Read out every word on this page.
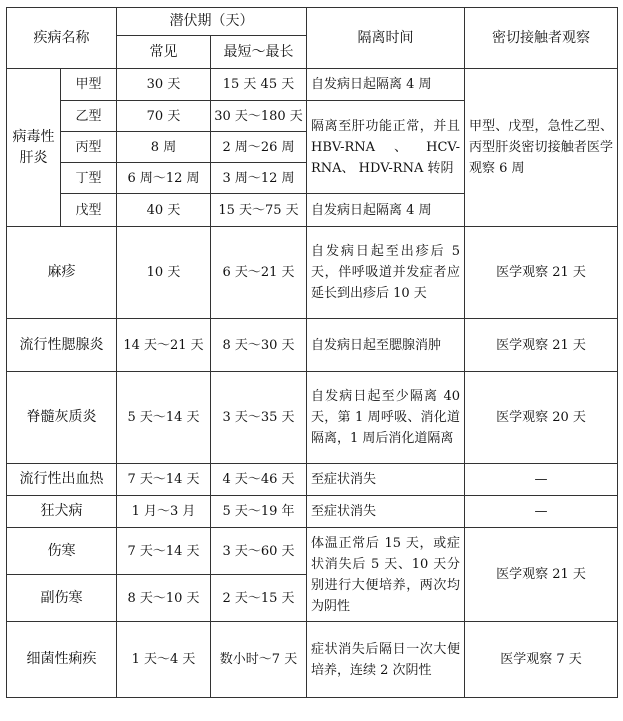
疾病名称		潜伏期（天）		隔离时间	密切接触者观察
		常见	最短～最长		
病毒性肝炎	甲型	30 天	15 天 45 天	自发病日起隔离 4 周	甲型、戊型，急性乙型、丙型肝炎密切接触者医学观察 6 周
	乙型	70 天	30 天～180 天	隔离至肝功能正常，并且 HBV-RNA、HCV-RNA、 HDV-RNA 转阴	
	丙型	8 周	2 周～26 周		
	丁型	6 周～12 周	3 周～12 周		
	戊型	40 天	15 天～75 天	自发病日起隔离 4 周	
麻疹		10 天	6 天～21 天	自发病日起至出疹后 5 天，伴呼吸道并发症者应延长到出疹后 10 天	医学观察 21 天
流行性腮腺炎		14 天～21 天	8 天～30 天	自发病日起至腮腺消肿	医学观察 21 天
脊髓灰质炎		5 天～14 天	3 天～35 天	自发病日起至少隔离 40 天，第 1 周呼吸、消化道隔离，1 周后消化道隔离	医学观察 20 天
流行性出血热		7 天～14 天	4 天～46 天	至症状消失	—
狂犬病		1 月～3 月	5 天～19 年	至症状消失	—
伤寒		7 天～14 天	3 天～60 天	体温正常后 15 天，或症状消失后 5 天、10 天分别进行大便培养，两次均为阴性	医学观察 21 天
副伤寒		8 天～10 天	2 天～15 天		
细菌性痢疾		1 天～4 天	数小时～7 天	症状消失后隔日一次大便培养，连续 2 次阴性	医学观察 7 天
